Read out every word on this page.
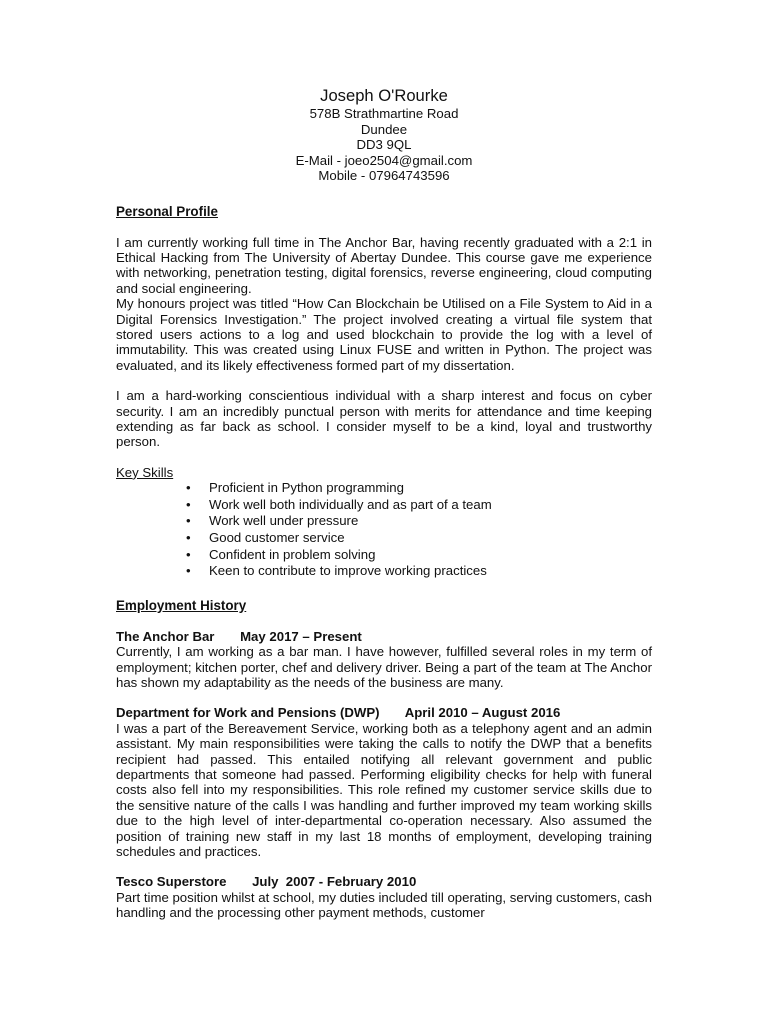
Joseph O'Rourke
578B Strathmartine Road
Dundee
DD3 9QL
E-Mail - joeo2504@gmail.com
Mobile - 07964743596
Personal Profile

I am currently working full time in The Anchor Bar, having recently graduated with a 2:1 in Ethical Hacking from The University of Abertay Dundee. This course gave me experience with networking, penetration testing, digital forensics, reverse engineering, cloud computing and social engineering.

My honours project was titled “How Can Blockchain be Utilised on a File System to Aid in a Digital Forensics Investigation.” The project involved creating a virtual file system that stored users actions to a log and used blockchain to provide the log with a level of immutability. This was created using Linux FUSE and written in Python. The project was evaluated, and its likely effectiveness formed part of my dissertation.

I am a hard-working conscientious individual with a sharp interest and focus on cyber security. I am an incredibly punctual person with merits for attendance and time keeping extending as far back as school. I consider myself to be a kind, loyal and trustworthy person.

Key Skills
• Proficient in Python programming
• Work well both individually and as part of a team
• Work well under pressure
• Good customer service
• Confident in problem solving
• Keen to contribute to improve working practices
Employment History
The Anchor Bar       May 2017 – Present

Currently, I am working as a bar man. I have however, fulfilled several roles in my term of employment; kitchen porter, chef and delivery driver. Being a part of the team at The Anchor has shown my adaptability as the needs of the business are many.

Department for Work and Pensions (DWP)       April 2010 – August 2016

I was a part of the Bereavement Service, working both as a telephony agent and an admin assistant. My main responsibilities were taking the calls to notify the DWP that a benefits recipient had passed. This entailed notifying all relevant government and public departments that someone had passed. Performing eligibility checks for help with funeral costs also fell into my responsibilities. This role refined my customer service skills due to the sensitive nature of the calls I was handling and further improved my team working skills due to the high level of inter-departmental co-operation necessary. Also assumed the position of training new staff in my last 18 months of employment, developing training schedules and practices.

Tesco Superstore       July  2007 - February 2010

Part time position whilst at school, my duties included till operating, serving customers, cash handling and the processing other payment methods, customer
